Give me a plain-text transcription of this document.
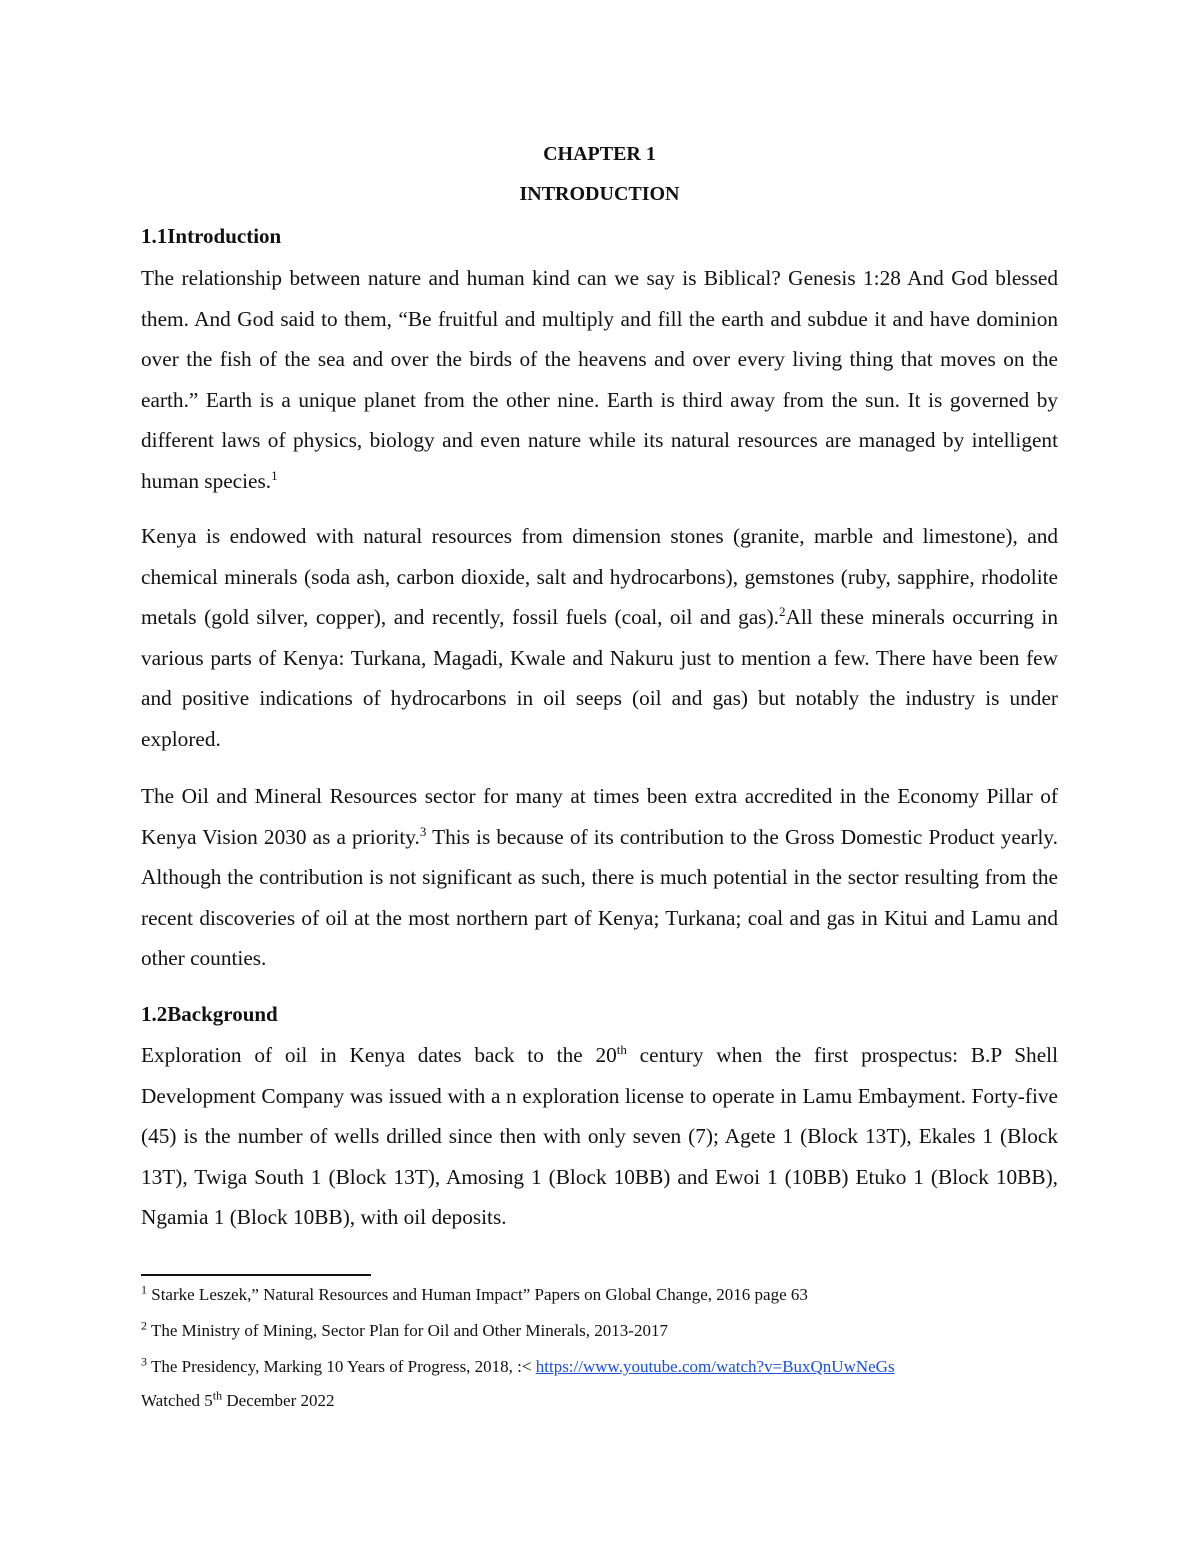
CHAPTER 1
INTRODUCTION
1.1Introduction
The relationship between nature and human kind can we say is Biblical? Genesis 1:28 And God blessed them. And God said to them, “Be fruitful and multiply and fill the earth and subdue it and have dominion over the fish of the sea and over the birds of the heavens and over every living thing that moves on the earth.” Earth is a unique planet from the other nine. Earth is third away from the sun. It is governed by different laws of physics, biology and even nature while its natural resources are managed by intelligent human species.$^1$
Kenya is endowed with natural resources from dimension stones (granite, marble and limestone), and chemical minerals (soda ash, carbon dioxide, salt and hydrocarbons), gemstones (ruby, sapphire, rhodolite metals (gold silver, copper), and recently, fossil fuels (coal, oil and gas).$^2$All these minerals occurring in various parts of Kenya: Turkana, Magadi, Kwale and Nakuru just to mention a few. There have been few and positive indications of hydrocarbons in oil seeps (oil and gas) but notably the industry is under explored.
The Oil and Mineral Resources sector for many at times been extra accredited in the Economy Pillar of Kenya Vision 2030 as a priority.$^3$ This is because of its contribution to the Gross Domestic Product yearly. Although the contribution is not significant as such, there is much potential in the sector resulting from the recent discoveries of oil at the most northern part of Kenya; Turkana; coal and gas in Kitui and Lamu and other counties.
1.2Background
Exploration of oil in Kenya dates back to the 20th century when the first prospectus: B.P Shell Development Company was issued with a n exploration license to operate in Lamu Embayment. Forty-five (45) is the number of wells drilled since then with only seven (7); Agete 1 (Block 13T), Ekales 1 (Block 13T), Twiga South 1 (Block 13T), Amosing 1 (Block 10BB) and Ewoi 1 (10BB) Etuko 1 (Block 10BB), Ngamia 1 (Block 10BB), with oil deposits.
$^1$ Starke Leszek,” Natural Resources and Human Impact” Papers on Global Change, 2016 page 63
$^2$ The Ministry of Mining, Sector Plan for Oil and Other Minerals, 2013-2017
$^3$ The Presidency, Marking 10 Years of Progress, 2018, :< https://www.youtube.com/watch?v=BuxQnUwNeGs
Watched 5th December 2022
